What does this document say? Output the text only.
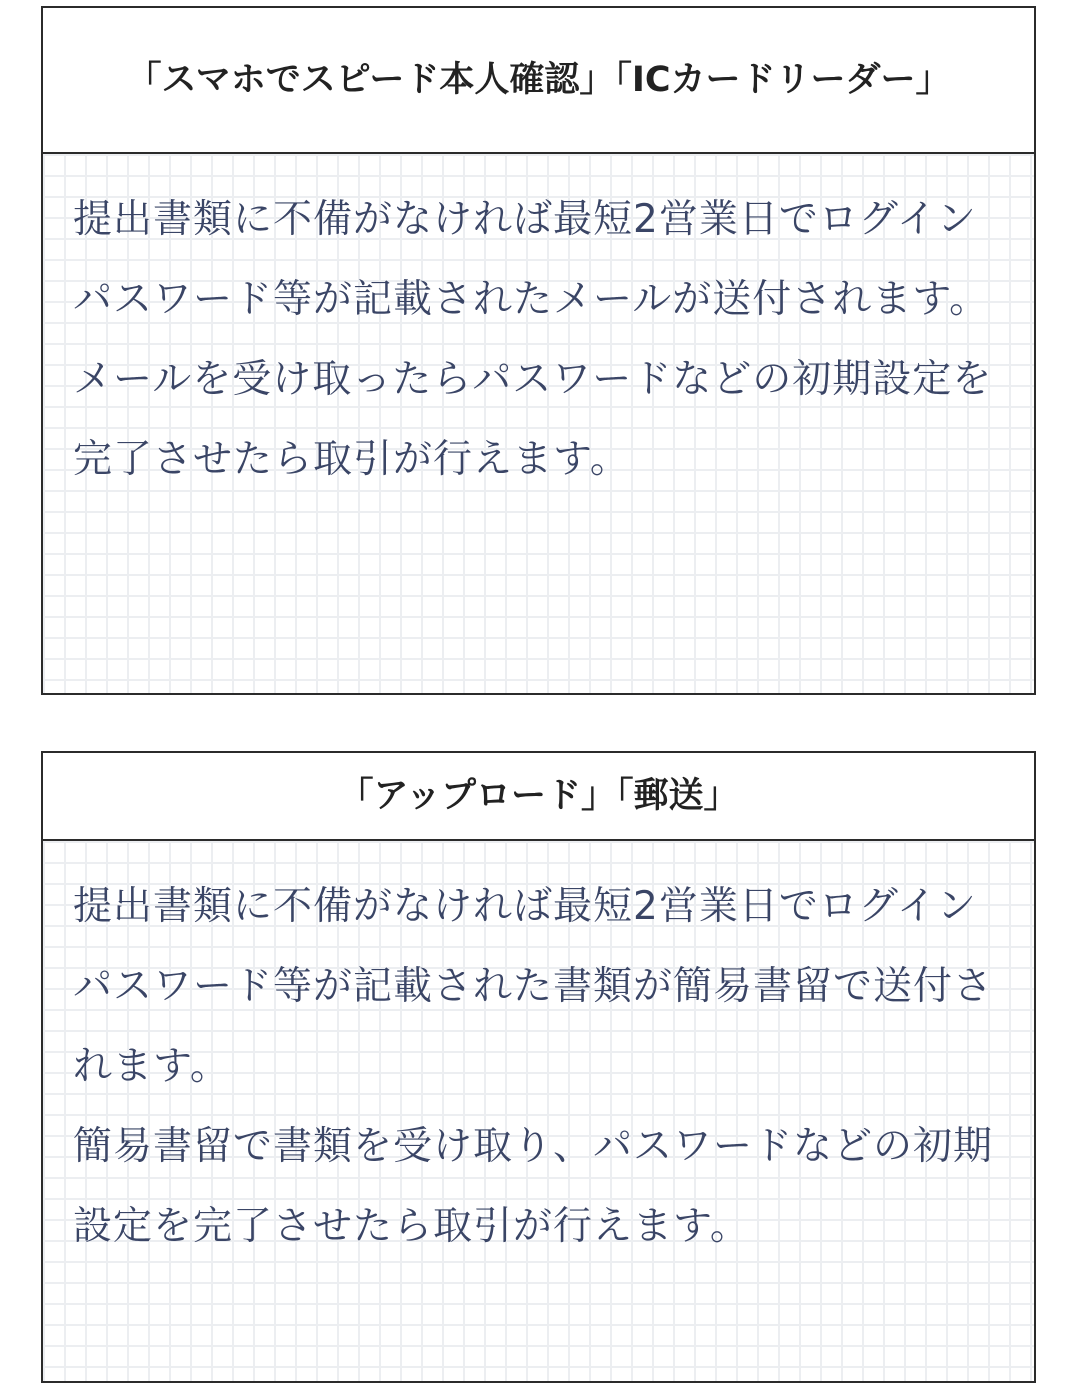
「スマホでスピード本人確認」「ICカードリーダー」

提出書類に不備がなければ最短2営業日でログインパスワード等が記載されたメールが送付されます。

メールを受け取ったらパスワードなどの初期設定を完了させたら取引が行えます。

「アップロード」「郵送」

提出書類に不備がなければ最短2営業日でログインパスワード等が記載された書類が簡易書留で送付されます。

簡易書留で書類を受け取り、パスワードなどの初期設定を完了させたら取引が行えます。
